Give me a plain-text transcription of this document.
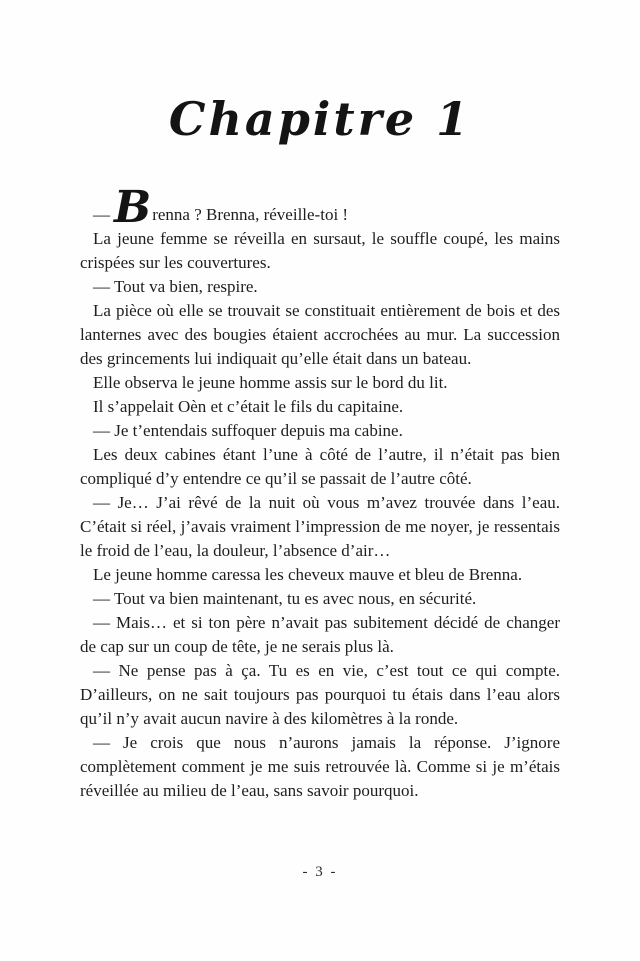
Chapitre 1

—Brenna ? Brenna, réveille-toi !

La jeune femme se réveilla en sursaut, le souffle coupé, les mains crispées sur les couvertures.

— Tout va bien, respire.

La pièce où elle se trouvait se constituait entièrement de bois et des lanternes avec des bougies étaient accrochées au mur. La succession des grincements lui indiquait qu’elle était dans un bateau.

Elle observa le jeune homme assis sur le bord du lit.

Il s’appelait Oèn et c’était le fils du capitaine.

— Je t’entendais suffoquer depuis ma cabine.

Les deux cabines étant l’une à côté de l’autre, il n’était pas bien compliqué d’y entendre ce qu’il se passait de l’autre côté.

— Je… J’ai rêvé de la nuit où vous m’avez trouvée dans l’eau. C’était si réel, j’avais vraiment l’impression de me noyer, je ressentais le froid de l’eau, la douleur, l’absence d’air…

Le jeune homme caressa les cheveux mauve et bleu de Brenna.

— Tout va bien maintenant, tu es avec nous, en sécurité.

— Mais… et si ton père n’avait pas subitement décidé de changer de cap sur un coup de tête, je ne serais plus là.

— Ne pense pas à ça. Tu es en vie, c’est tout ce qui compte. D’ailleurs, on ne sait toujours pas pourquoi tu étais dans l’eau alors qu’il n’y avait aucun navire à des kilomètres à la ronde.

— Je crois que nous n’aurons jamais la réponse. J’ignore complètement comment je me suis retrouvée là. Comme si je m’étais réveillée au milieu de l’eau, sans savoir pourquoi.

- 3 -
